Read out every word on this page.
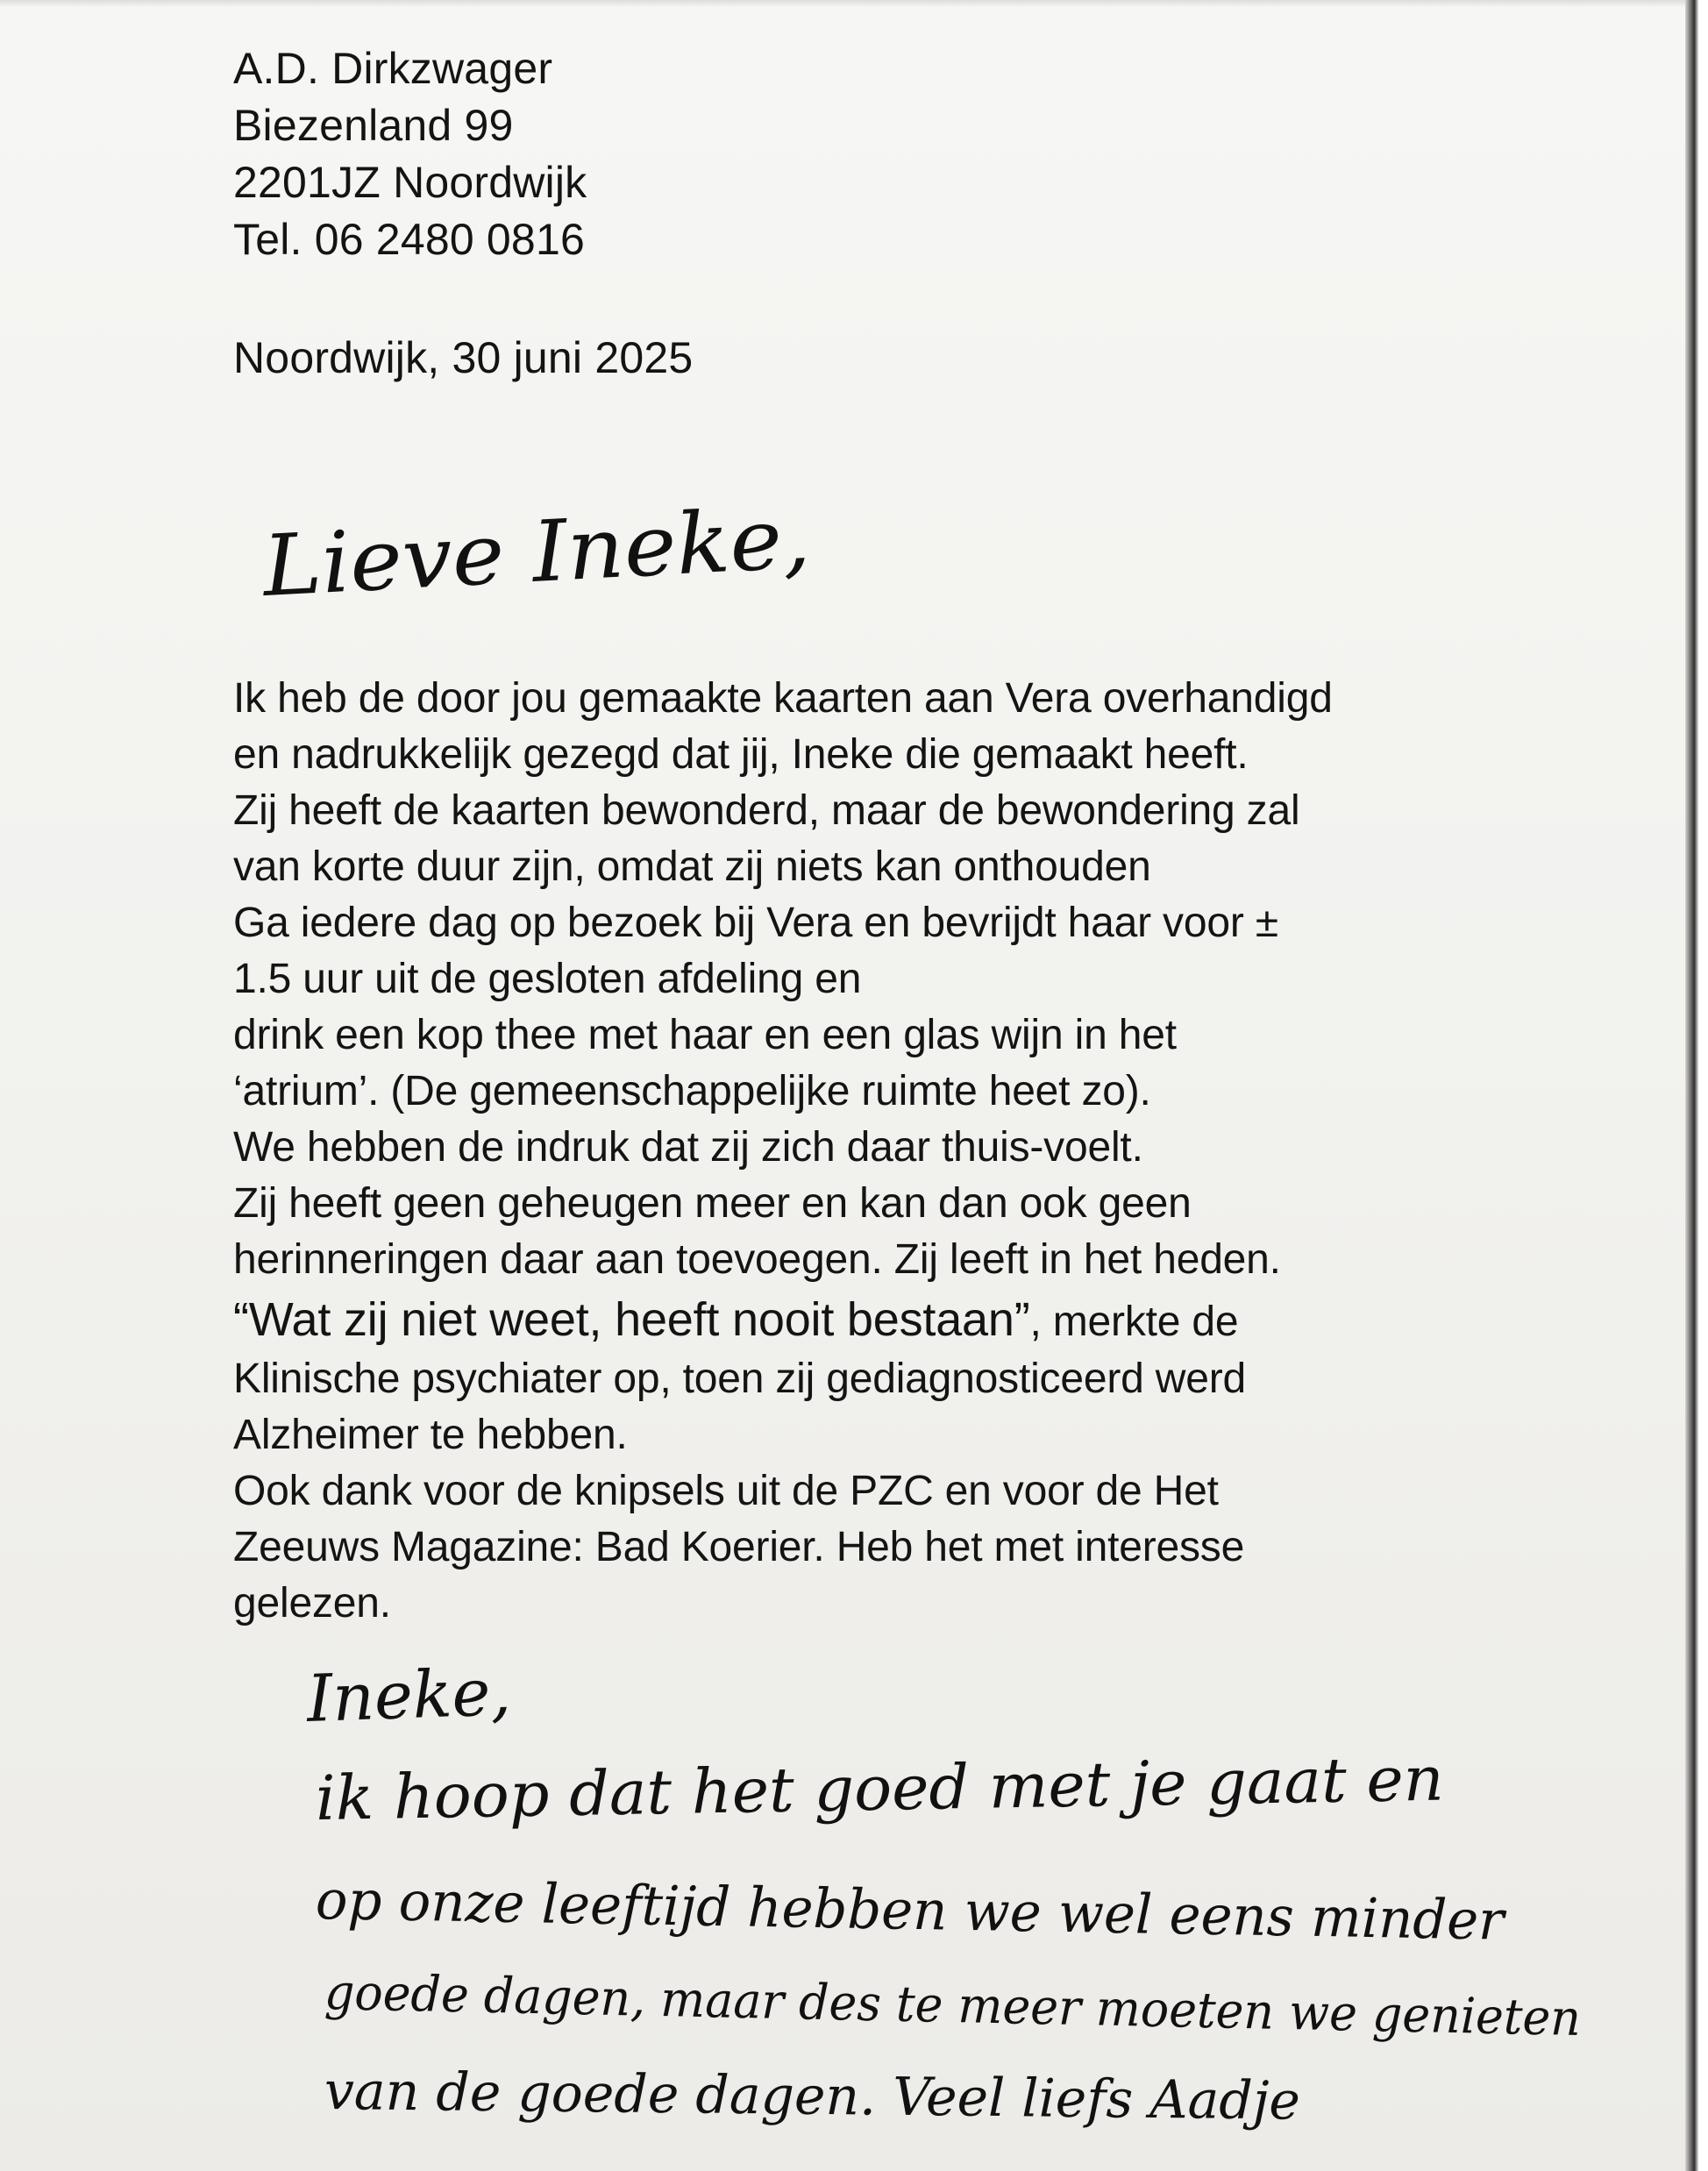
A.D. Dirkzwager
Biezenland 99
2201JZ Noordwijk
Tel. 06 2480 0816
Noordwijk, 30 juni 2025
Lieve Ineke,
Ik heb de door jou gemaakte kaarten aan Vera overhandigd
en nadrukkelijk gezegd dat jij, Ineke die gemaakt heeft.
Zij heeft de kaarten bewonderd, maar de bewondering zal
van korte duur zijn, omdat zij niets kan onthouden
Ga iedere dag op bezoek bij Vera en bevrijdt haar voor ±
1.5 uur uit de gesloten afdeling en
drink een kop thee met haar en een glas wijn in het
‘atrium’. (De gemeenschappelijke ruimte heet zo).
We hebben de indruk dat zij zich daar thuis-voelt.
Zij heeft geen geheugen meer en kan dan ook geen
herinneringen daar aan toevoegen. Zij leeft in het heden.
“Wat zij niet weet, heeft nooit bestaan”, merkte de
Klinische psychiater op, toen zij gediagnosticeerd werd
Alzheimer te hebben.
Ook dank voor de knipsels uit de PZC en voor de Het
Zeeuws Magazine: Bad Koerier. Heb het met interesse
gelezen.
Ineke,
ik hoop dat het goed met je gaat en
op onze leeftijd hebben we wel eens minder
goede dagen, maar des te meer moeten we genieten
van de goede dagen. Veel liefs Aadje
